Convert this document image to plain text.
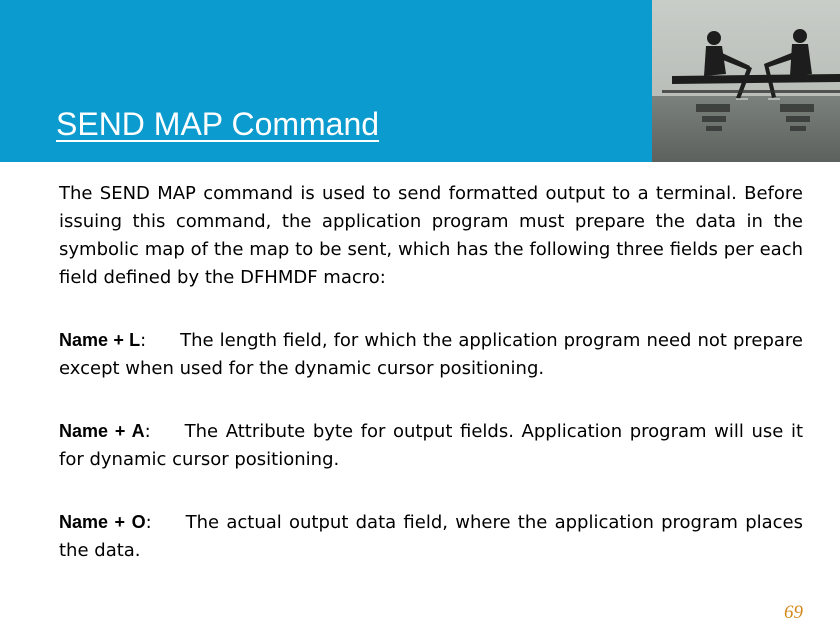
SEND MAP Command

The SEND MAP command is used to send formatted output to a terminal. Before issuing this command, the application program must prepare the data in the symbolic map of the map to be sent, which has the following three fields per each field defined by the DFHMDF macro:

Name + L: The length field, for which the application program need not prepare except when used for the dynamic cursor positioning.

Name + A: The Attribute byte for output fields. Application program will use it for dynamic cursor positioning.

Name + O: The actual output data field, where the application program places the data.

69
